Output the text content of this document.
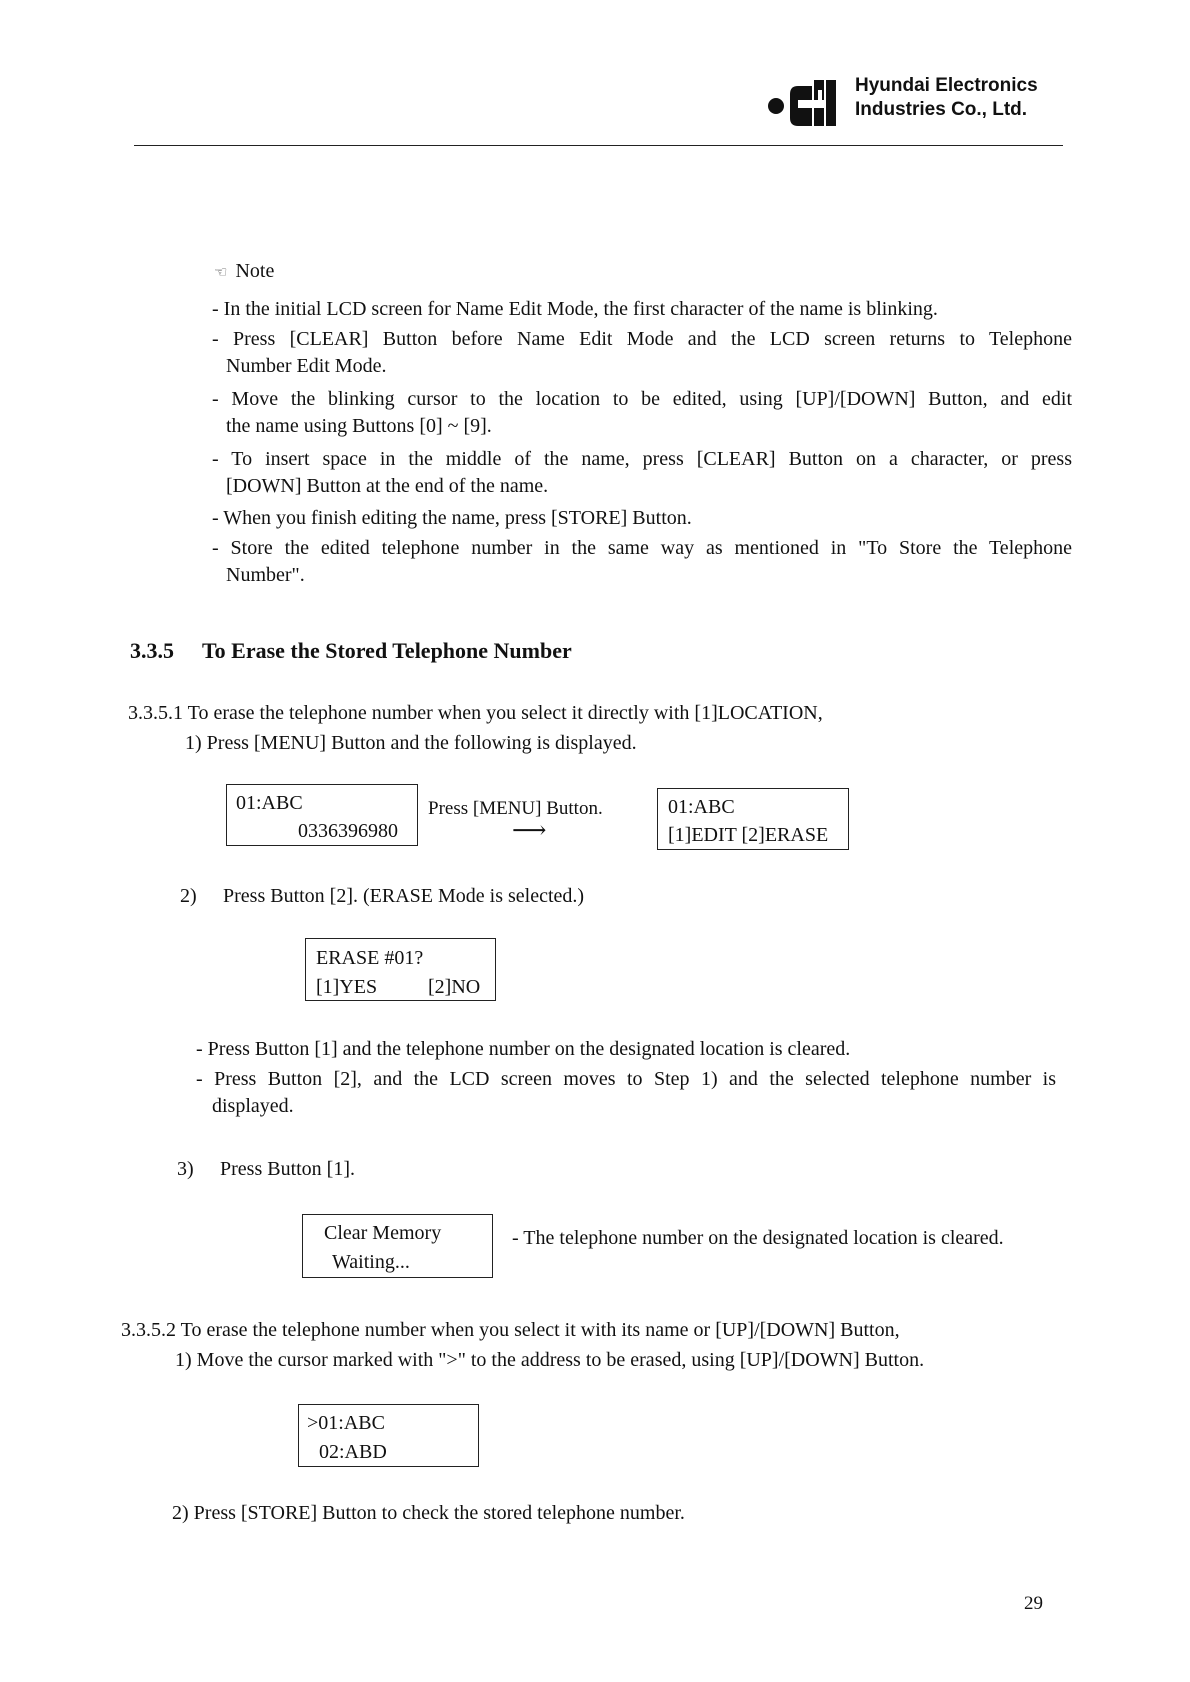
Hyundai Electronics
Industries Co., Ltd.
☜ Note
- In the initial LCD screen for Name Edit Mode, the first character of the name is blinking.
- Press [CLEAR] Button before Name Edit Mode and the LCD screen returns to Telephone
Number Edit Mode.
- Move the blinking cursor to the location to be edited, using [UP]/[DOWN] Button, and edit
the name using Buttons [0] ~ [9].
- To insert space in the middle of the name, press [CLEAR] Button on a character, or press
[DOWN] Button at the end of the name.
- When you finish editing the name, press [STORE] Button.
- Store the edited telephone number in the same way as mentioned in "To Store the Telephone
Number".
3.3.5 To Erase the Stored Telephone Number
3.3.5.1 To erase the telephone number when you select it directly with [1]LOCATION,
1) Press [MENU] Button and the following is displayed.
01:ABC
0336396980
Press [MENU] Button.
⟶
01:ABC
[1]EDIT [2]ERASE
2) Press Button [2]. (ERASE Mode is selected.)
ERASE #01?
[1]YES	[2]NO
- Press Button [1] and the telephone number on the designated location is cleared.
- Press Button [2], and the LCD screen moves to Step 1) and the selected telephone number is
displayed.
3) Press Button [1].
Clear Memory
Waiting...
- The telephone number on the designated location is cleared.
3.3.5.2 To erase the telephone number when you select it with its name or [UP]/[DOWN] Button,
1) Move the cursor marked with ">" to the address to be erased, using [UP]/[DOWN] Button.
>01:ABC
02:ABD
2) Press [STORE] Button to check the stored telephone number.
29
